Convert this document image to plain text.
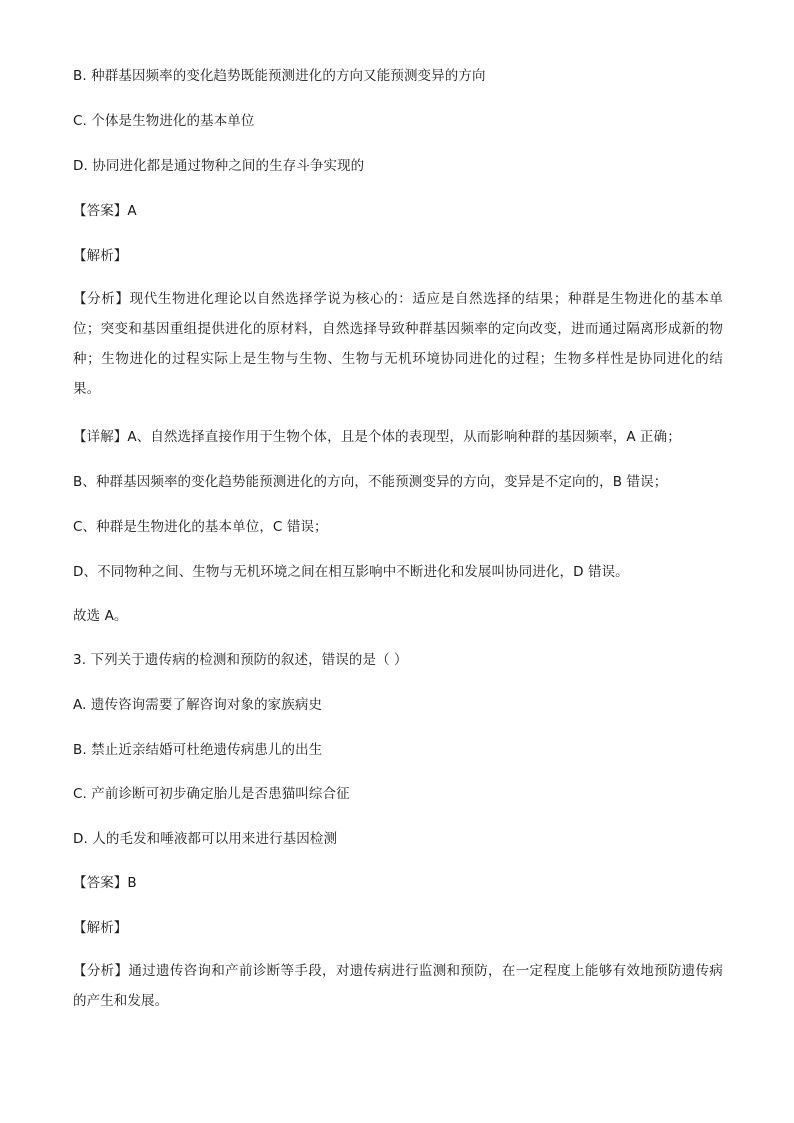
B. 种群基因频率的变化趋势既能预测进化的方向又能预测变异的方向
C. 个体是生物进化的基本单位
D. 协同进化都是通过物种之间的生存斗争实现的
【答案】A
【解析】
【分析】现代生物进化理论以自然选择学说为核心的：适应是自然选择的结果；种群是生物进化的基本单位；突变和基因重组提供进化的原材料，自然选择导致种群基因频率的定向改变，进而通过隔离形成新的物种；生物进化的过程实际上是生物与生物、生物与无机环境协同进化的过程；生物多样性是协同进化的结果。
【详解】A、自然选择直接作用于生物个体，且是个体的表现型，从而影响种群的基因频率，A 正确；
B、种群基因频率的变化趋势能预测进化的方向，不能预测变异的方向，变异是不定向的，B 错误；
C、种群是生物进化的基本单位，C 错误；
D、不同物种之间、生物与无机环境之间在相互影响中不断进化和发展叫协同进化，D 错误。
故选 A。
3. 下列关于遗传病的检测和预防的叙述，错误的是（ ）
A. 遗传咨询需要了解咨询对象的家族病史
B. 禁止近亲结婚可杜绝遗传病患儿的出生
C. 产前诊断可初步确定胎儿是否患猫叫综合征
D. 人的毛发和唾液都可以用来进行基因检测
【答案】B
【解析】
【分析】通过遗传咨询和产前诊断等手段，对遗传病进行监测和预防，在一定程度上能够有效地预防遗传病的产生和发展。
